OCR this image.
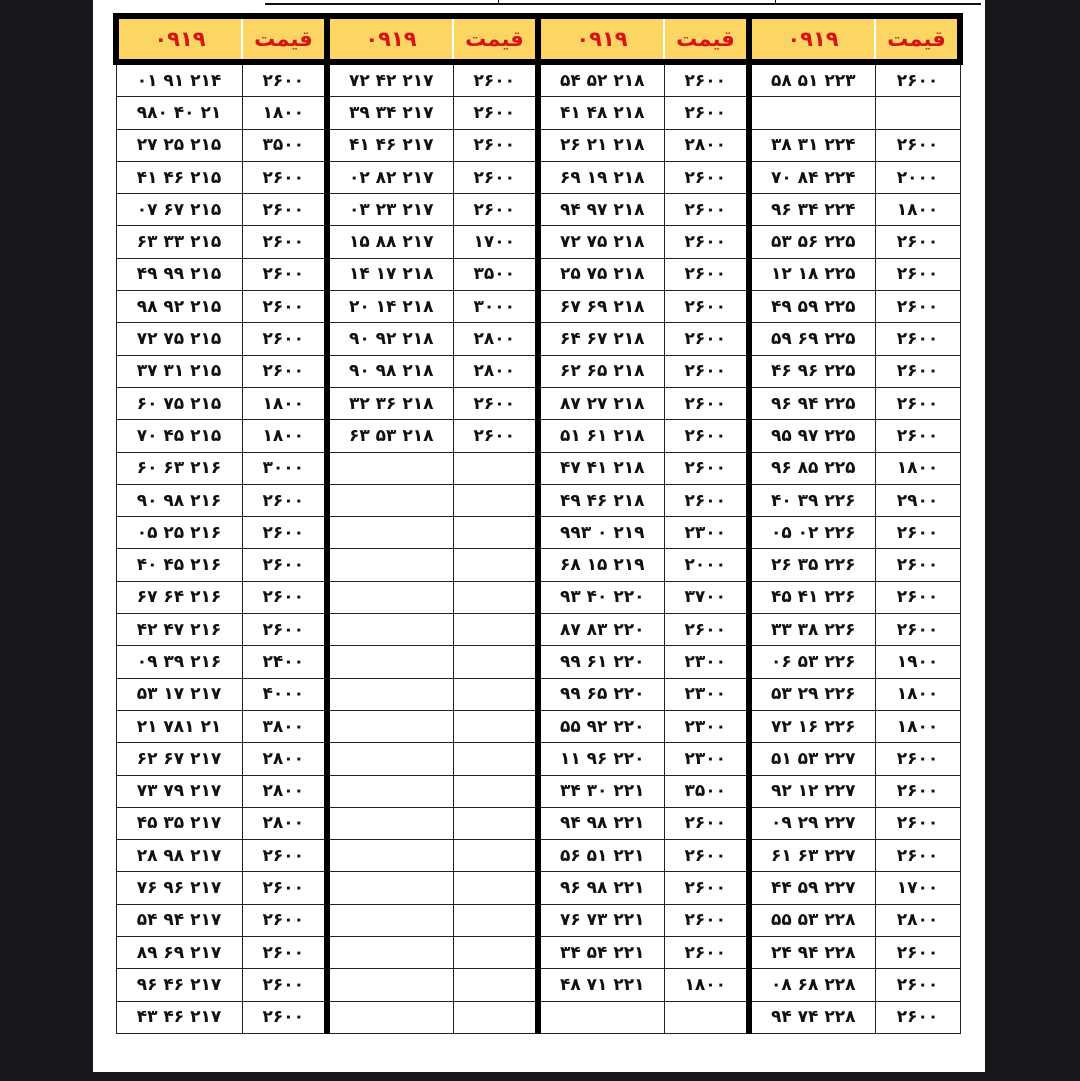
۰۹۱۹	قیمت	۰۹۱۹	قیمت	۰۹۱۹	قیمت	۰۹۱۹	قیمت
۲۱۴ ۹۱ ۰۱	۲۶۰۰	۲۱۷ ۴۲ ۷۲	۲۶۰۰	۲۱۸ ۵۲ ۵۴	۲۶۰۰	۲۲۳ ۵۱ ۵۸	۲۶۰۰
۲۱ ۴۰ ۹۸۰	۱۸۰۰	۲۱۷ ۳۴ ۳۹	۲۶۰۰	۲۱۸ ۴۸ ۴۱	۲۶۰۰		
۲۱۵ ۲۵ ۲۷	۳۵۰۰	۲۱۷ ۴۶ ۴۱	۲۶۰۰	۲۱۸ ۲۱ ۲۶	۲۸۰۰	۲۲۴ ۳۱ ۳۸	۲۶۰۰
۲۱۵ ۴۶ ۴۱	۲۶۰۰	۲۱۷ ۸۲ ۰۲	۲۶۰۰	۲۱۸ ۱۹ ۶۹	۲۶۰۰	۲۲۴ ۸۴ ۷۰	۲۰۰۰
۲۱۵ ۶۷ ۰۷	۲۶۰۰	۲۱۷ ۲۳ ۰۳	۲۶۰۰	۲۱۸ ۹۷ ۹۴	۲۶۰۰	۲۲۴ ۳۴ ۹۶	۱۸۰۰
۲۱۵ ۳۳ ۶۳	۲۶۰۰	۲۱۷ ۸۸ ۱۵	۱۷۰۰	۲۱۸ ۷۵ ۷۲	۲۶۰۰	۲۲۵ ۵۶ ۵۳	۲۶۰۰
۲۱۵ ۹۹ ۴۹	۲۶۰۰	۲۱۸ ۱۷ ۱۴	۳۵۰۰	۲۱۸ ۷۵ ۲۵	۲۶۰۰	۲۲۵ ۱۸ ۱۲	۲۶۰۰
۲۱۵ ۹۲ ۹۸	۲۶۰۰	۲۱۸ ۱۴ ۲۰	۳۰۰۰	۲۱۸ ۶۹ ۶۷	۲۶۰۰	۲۲۵ ۵۹ ۴۹	۲۶۰۰
۲۱۵ ۷۵ ۷۲	۲۶۰۰	۲۱۸ ۹۲ ۹۰	۲۸۰۰	۲۱۸ ۶۷ ۶۴	۲۶۰۰	۲۲۵ ۶۹ ۵۹	۲۶۰۰
۲۱۵ ۳۱ ۳۷	۲۶۰۰	۲۱۸ ۹۸ ۹۰	۲۸۰۰	۲۱۸ ۶۵ ۶۲	۲۶۰۰	۲۲۵ ۹۶ ۴۶	۲۶۰۰
۲۱۵ ۷۵ ۶۰	۱۸۰۰	۲۱۸ ۳۶ ۳۲	۲۶۰۰	۲۱۸ ۲۷ ۸۷	۲۶۰۰	۲۲۵ ۹۴ ۹۶	۲۶۰۰
۲۱۵ ۴۵ ۷۰	۱۸۰۰	۲۱۸ ۵۳ ۶۳	۲۶۰۰	۲۱۸ ۶۱ ۵۱	۲۶۰۰	۲۲۵ ۹۷ ۹۵	۲۶۰۰
۲۱۶ ۶۳ ۶۰	۳۰۰۰			۲۱۸ ۴۱ ۴۷	۲۶۰۰	۲۲۵ ۸۵ ۹۶	۱۸۰۰
۲۱۶ ۹۸ ۹۰	۲۶۰۰			۲۱۸ ۴۶ ۴۹	۲۶۰۰	۲۲۶ ۳۹ ۴۰	۲۹۰۰
۲۱۶ ۲۵ ۰۵	۲۶۰۰			۲۱۹ ۰ ۹۹۳	۲۳۰۰	۲۲۶ ۰۲ ۰۵	۲۶۰۰
۲۱۶ ۴۵ ۴۰	۲۶۰۰			۲۱۹ ۱۵ ۶۸	۲۰۰۰	۲۲۶ ۳۵ ۲۶	۲۶۰۰
۲۱۶ ۶۴ ۶۷	۲۶۰۰			۲۲۰ ۴۰ ۹۳	۳۷۰۰	۲۲۶ ۴۱ ۴۵	۲۶۰۰
۲۱۶ ۴۷ ۴۲	۲۶۰۰			۲۲۰ ۸۳ ۸۷	۲۶۰۰	۲۲۶ ۳۸ ۳۳	۲۶۰۰
۲۱۶ ۳۹ ۰۹	۲۴۰۰			۲۲۰ ۶۱ ۹۹	۲۳۰۰	۲۲۶ ۵۳ ۰۶	۱۹۰۰
۲۱۷ ۱۷ ۵۳	۴۰۰۰			۲۲۰ ۶۵ ۹۹	۲۳۰۰	۲۲۶ ۲۹ ۵۳	۱۸۰۰
۲۱ ۷۸۱ ۲۱	۳۸۰۰			۲۲۰ ۹۲ ۵۵	۲۳۰۰	۲۲۶ ۱۶ ۷۲	۱۸۰۰
۲۱۷ ۶۷ ۶۲	۲۸۰۰			۲۲۰ ۹۶ ۱۱	۲۳۰۰	۲۲۷ ۵۳ ۵۱	۲۶۰۰
۲۱۷ ۷۹ ۷۳	۲۸۰۰			۲۲۱ ۳۰ ۳۴	۳۵۰۰	۲۲۷ ۱۲ ۹۲	۲۶۰۰
۲۱۷ ۳۵ ۴۵	۲۸۰۰			۲۲۱ ۹۸ ۹۴	۲۶۰۰	۲۲۷ ۲۹ ۰۹	۲۶۰۰
۲۱۷ ۹۸ ۲۸	۲۶۰۰			۲۲۱ ۵۱ ۵۶	۲۶۰۰	۲۲۷ ۶۳ ۶۱	۲۶۰۰
۲۱۷ ۹۶ ۷۶	۲۶۰۰			۲۲۱ ۹۸ ۹۶	۲۶۰۰	۲۲۷ ۵۹ ۴۴	۱۷۰۰
۲۱۷ ۹۴ ۵۴	۲۶۰۰			۲۲۱ ۷۳ ۷۶	۲۶۰۰	۲۲۸ ۵۳ ۵۵	۲۸۰۰
۲۱۷ ۶۹ ۸۹	۲۶۰۰			۲۲۱ ۵۴ ۳۴	۲۶۰۰	۲۲۸ ۹۴ ۲۴	۲۶۰۰
۲۱۷ ۴۶ ۹۶	۲۶۰۰			۲۲۱ ۷۱ ۴۸	۱۸۰۰	۲۲۸ ۶۸ ۰۸	۲۶۰۰
۲۱۷ ۴۶ ۴۳	۲۶۰۰					۲۲۸ ۷۴ ۹۴	۲۶۰۰
